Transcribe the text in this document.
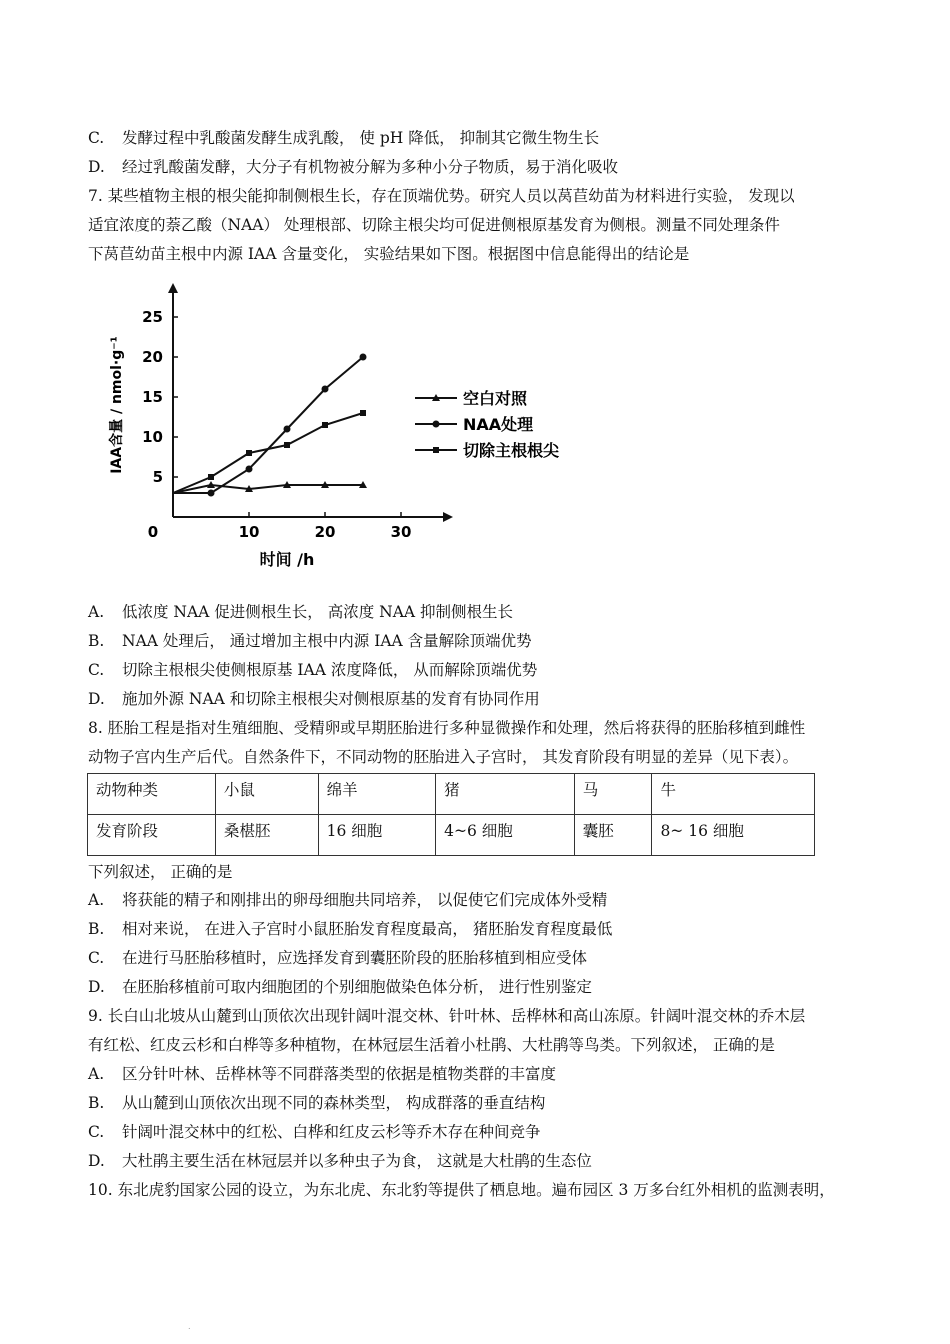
C. 发酵过程中乳酸菌发酵生成乳酸， 使 pH 降低， 抑制其它微生物生长
D. 经过乳酸菌发酵，大分子有机物被分解为多种小分子物质，易于消化吸收
7. 某些植物主根的根尖能抑制侧根生长，存在顶端优势。研究人员以莴苣幼苗为材料进行实验， 发现以
适宜浓度的萘乙酸（NAA） 处理根部、切除主根尖均可促进侧根原基发育为侧根。测量不同处理条件
下莴苣幼苗主根中内源 IAA 含量变化， 实验结果如下图。根据图中信息能得出的结论是
0	10	20	30
5
10
15
20
25
时间 /h
IAA含量 / nmol·g⁻¹	空白对照
NAA处理
切除主根根尖
A. 低浓度 NAA 促进侧根生长， 高浓度 NAA 抑制侧根生长
B. NAA 处理后， 通过增加主根中内源 IAA 含量解除顶端优势
C. 切除主根根尖使侧根原基 IAA 浓度降低， 从而解除顶端优势
D. 施加外源 NAA 和切除主根根尖对侧根原基的发育有协同作用
8. 胚胎工程是指对生殖细胞、受精卵或早期胚胎进行多种显微操作和处理，然后将获得的胚胎移植到雌性
动物子宫内生产后代。自然条件下，不同动物的胚胎进入子宫时， 其发育阶段有明显的差异（见下表）。
动物种类	小鼠	绵羊	猪	马	牛
发育阶段	桑椹胚	16 细胞	4~6 细胞	囊胚	8~ 16 细胞
下列叙述， 正确的是
A. 将获能的精子和刚排出的卵母细胞共同培养， 以促使它们完成体外受精
B. 相对来说， 在进入子宫时小鼠胚胎发育程度最高， 猪胚胎发育程度最低
C. 在进行马胚胎移植时，应选择发育到囊胚阶段的胚胎移植到相应受体
D. 在胚胎移植前可取内细胞团的个别细胞做染色体分析， 进行性别鉴定
9. 长白山北坡从山麓到山顶依次出现针阔叶混交林、针叶林、岳桦林和高山冻原。针阔叶混交林的乔木层
有红松、红皮云杉和白桦等多种植物，在林冠层生活着小杜鹃、大杜鹃等鸟类。下列叙述， 正确的是
A. 区分针叶林、岳桦林等不同群落类型的依据是植物类群的丰富度
B. 从山麓到山顶依次出现不同的森林类型， 构成群落的垂直结构
C. 针阔叶混交林中的红松、白桦和红皮云杉等乔木存在种间竞争
D. 大杜鹃主要生活在林冠层并以多种虫子为食， 这就是大杜鹃的生态位
10. 东北虎豹国家公园的设立，为东北虎、东北豹等提供了栖息地。遍布园区 3 万多台红外相机的监测表明，
.
